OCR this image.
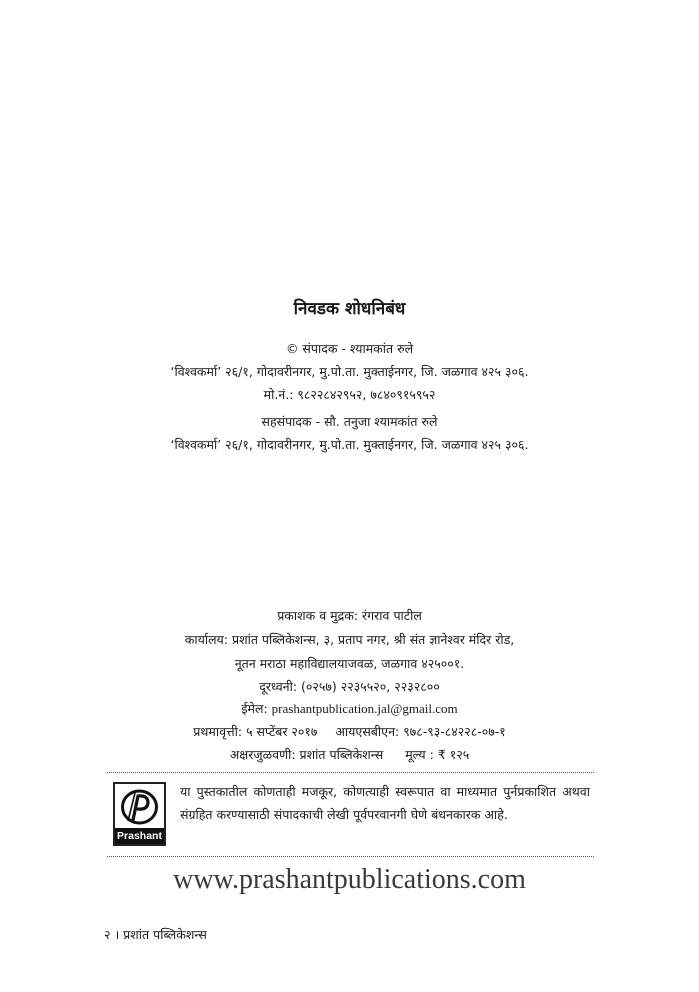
निवडक शोधनिबंध
© संपादक - श्यामकांत रुले
‘विश्वकर्मा’ २६/१, गोदावरीनगर, मु.पो.ता. मुक्ताईनगर, जि. जळगाव ४२५ ३०६.
मो.नं.: ९८२२८४२९५२, ७८४०९१५९५२
सहसंपादक - सौ. तनुजा श्यामकांत रुले
‘विश्वकर्मा’ २६/१, गोदावरीनगर, मु.पो.ता. मुक्ताईनगर, जि. जळगाव ४२५ ३०६.
प्रकाशक व मुद्रक: रंगराव पाटील
कार्यालय: प्रशांत पब्लिकेशन्स, ३, प्रताप नगर, श्री संत ज्ञानेश्वर मंदिर रोड,
नूतन मराठा महाविद्यालयाजवळ, जळगाव ४२५००१.
दूरध्वनी: (०२५७) २२३५५२०, २२३२८००
ईमेल: prashantpublication.jal@gmail.com
प्रथमावृत्ती: ५ सप्टेंबर २०१७ आयएसबीएन: ९७८-९३-८४२२८-०७-१
अक्षरजुळवणी: प्रशांत पब्लिकेशन्स मूल्य : ₹ १२५
Prashant
या पुस्तकातील कोणताही मजकूर, कोणत्याही स्वरूपात वा माध्यमात पुर्नप्रकाशित अथवा संग्रहित करण्यासाठी संपादकाची लेखी पूर्वपरवानगी घेणे बंधनकारक आहे.
www.prashantpublications.com
२ । प्रशांत पब्लिकेशन्स
